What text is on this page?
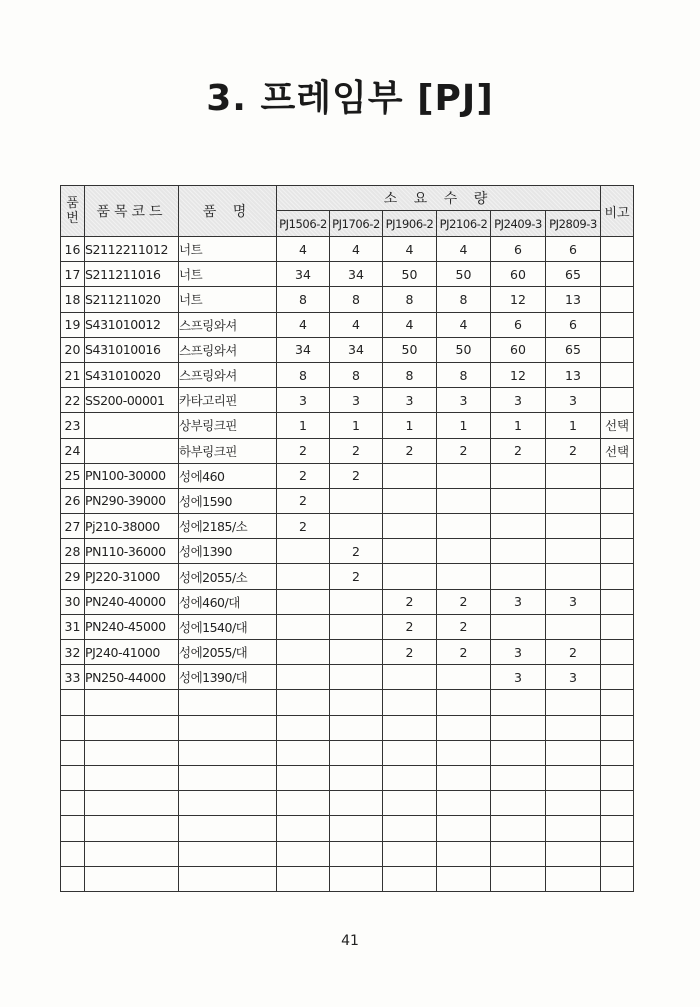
3. 프레임부 [PJ]
품번	품목코드	품 명	소 요 수 량						비고
			PJ1506-2	PJ1706-2	PJ1906-2	PJ2106-2	PJ2409-3	PJ2809-3	
16	S2112211012	너트	4	4	4	4	6	6	
17	S211211016	너트	34	34	50	50	60	65	
18	S211211020	너트	8	8	8	8	12	13	
19	S431010012	스프링와셔	4	4	4	4	6	6	
20	S431010016	스프링와셔	34	34	50	50	60	65	
21	S431010020	스프링와셔	8	8	8	8	12	13	
22	SS200-00001	카타고리핀	3	3	3	3	3	3	
23		상부링크핀	1	1	1	1	1	1	선택
24		하부링크핀	2	2	2	2	2	2	선택
25	PN100-30000	성에460	2	2					
26	PN290-39000	성에1590	2						
27	Pj210-38000	성에2185/소	2						
28	PN110-36000	성에1390		2					
29	PJ220-31000	성에2055/소		2					
30	PN240-40000	성에460/대			2	2	3	3	
31	PN240-45000	성에1540/대			2	2			
32	PJ240-41000	성에2055/대			2	2	3	2	
33	PN250-44000	성에1390/대					3	3	

41
